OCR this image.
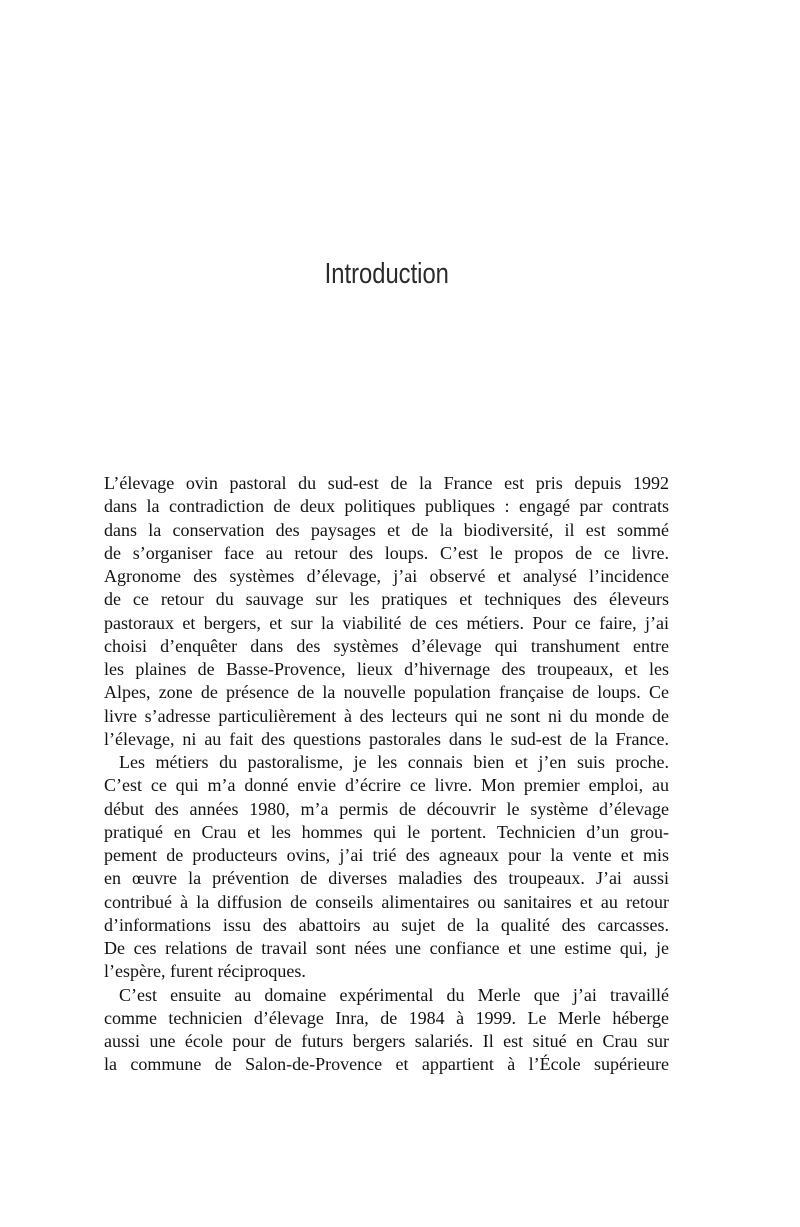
Introduction
L’élevage ovin pastoral du sud-est de la France est pris depuis 1992
dans la contradiction de deux politiques publiques : engagé par contrats
dans la conservation des paysages et de la biodiversité, il est sommé
de s’organiser face au retour des loups. C’est le propos de ce livre.
Agronome des systèmes d’élevage, j’ai observé et analysé l’incidence
de ce retour du sauvage sur les pratiques et techniques des éleveurs
pastoraux et bergers, et sur la viabilité de ces métiers. Pour ce faire, j’ai
choisi d’enquêter dans des systèmes d’élevage qui transhument entre
les plaines de Basse-Provence, lieux d’hivernage des troupeaux, et les
Alpes, zone de présence de la nouvelle population française de loups. Ce
livre s’adresse particulièrement à des lecteurs qui ne sont ni du monde de
l’élevage, ni au fait des questions pastorales dans le sud-est de la France.
Les métiers du pastoralisme, je les connais bien et j’en suis proche.
C’est ce qui m’a donné envie d’écrire ce livre. Mon premier emploi, au
début des années 1980, m’a permis de découvrir le système d’élevage
pratiqué en Crau et les hommes qui le portent. Technicien d’un grou-
pement de producteurs ovins, j’ai trié des agneaux pour la vente et mis
en œuvre la prévention de diverses maladies des troupeaux. J’ai aussi
contribué à la diffusion de conseils alimentaires ou sanitaires et au retour
d’informations issu des abattoirs au sujet de la qualité des carcasses.
De ces relations de travail sont nées une confiance et une estime qui, je
l’espère, furent réciproques.
C’est ensuite au domaine expérimental du Merle que j’ai travaillé
comme technicien d’élevage Inra, de 1984 à 1999. Le Merle héberge
aussi une école pour de futurs bergers salariés. Il est situé en Crau sur
la commune de Salon-de-Provence et appartient à l’École supérieure
